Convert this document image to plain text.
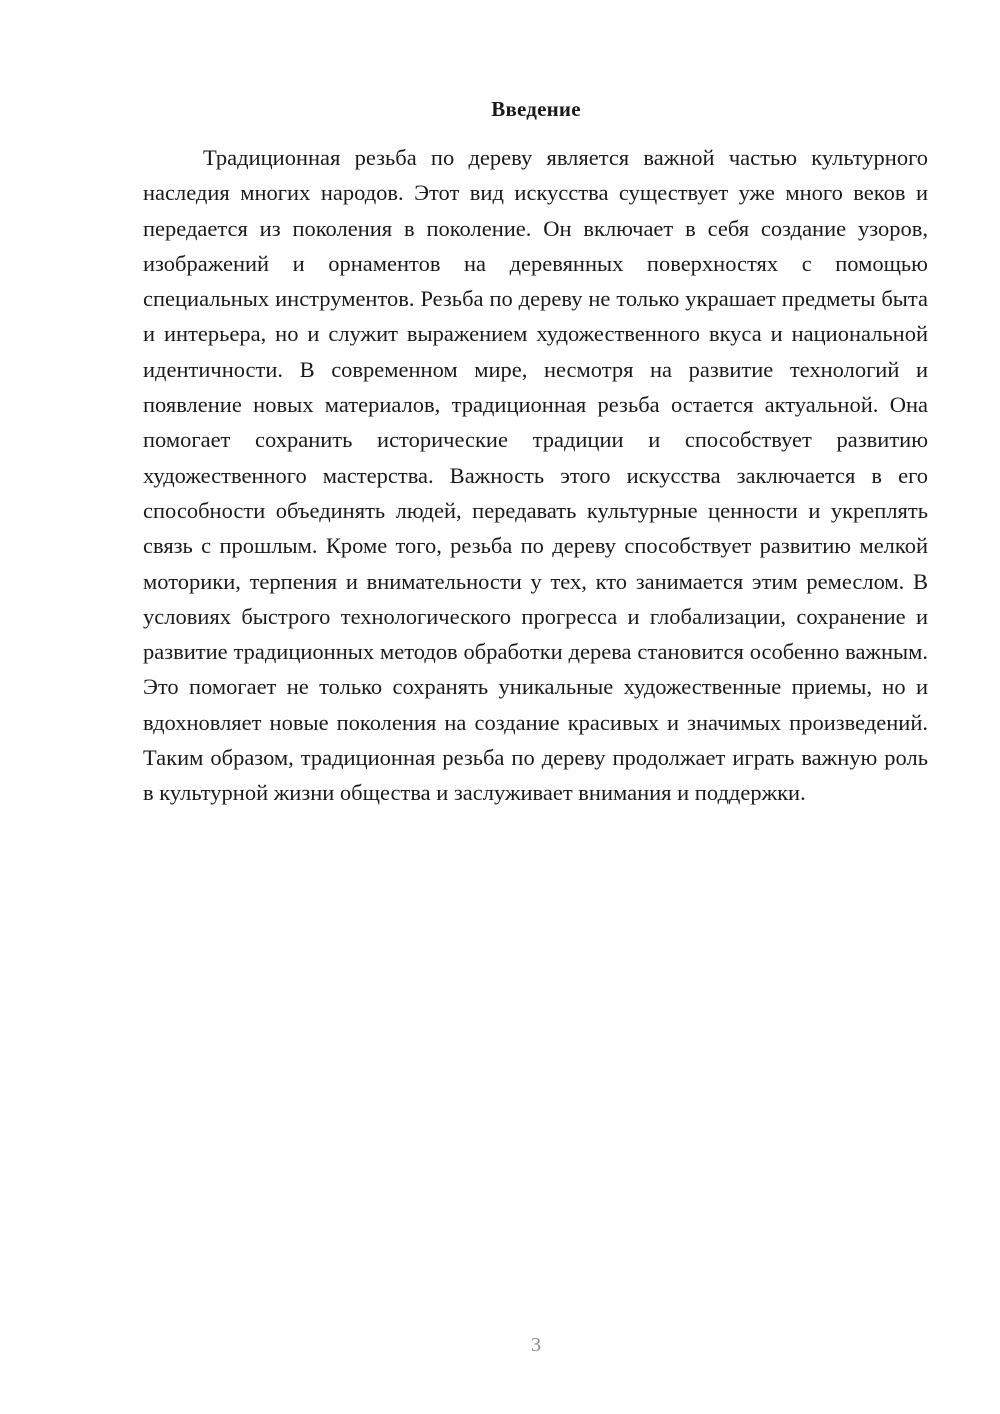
Введение

Традиционная резьба по дереву является важной частью культурного наследия многих народов. Этот вид искусства существует уже много веков и передается из поколения в поколение. Он включает в себя создание узоров, изображений и орнаментов на деревянных поверхностях с помощью специальных инструментов. Резьба по дереву не только украшает предметы быта и интерьера, но и служит выражением художественного вкуса и национальной идентичности. В современном мире, несмотря на развитие технологий и появление новых материалов, традиционная резьба остается актуальной. Она помогает сохранить исторические традиции и способствует развитию художественного мастерства. Важность этого искусства заключается в его способности объединять людей, передавать культурные ценности и укреплять связь с прошлым. Кроме того, резьба по дереву способствует развитию мелкой моторики, терпения и внимательности у тех, кто занимается этим ремеслом. В условиях быстрого технологического прогресса и глобализации, сохранение и развитие традиционных методов обработки дерева становится особенно важным. Это помогает не только сохранять уникальные художественные приемы, но и вдохновляет новые поколения на создание красивых и значимых произведений. Таким образом, традиционная резьба по дереву продолжает играть важную роль в культурной жизни общества и заслуживает внимания и поддержки.

3
